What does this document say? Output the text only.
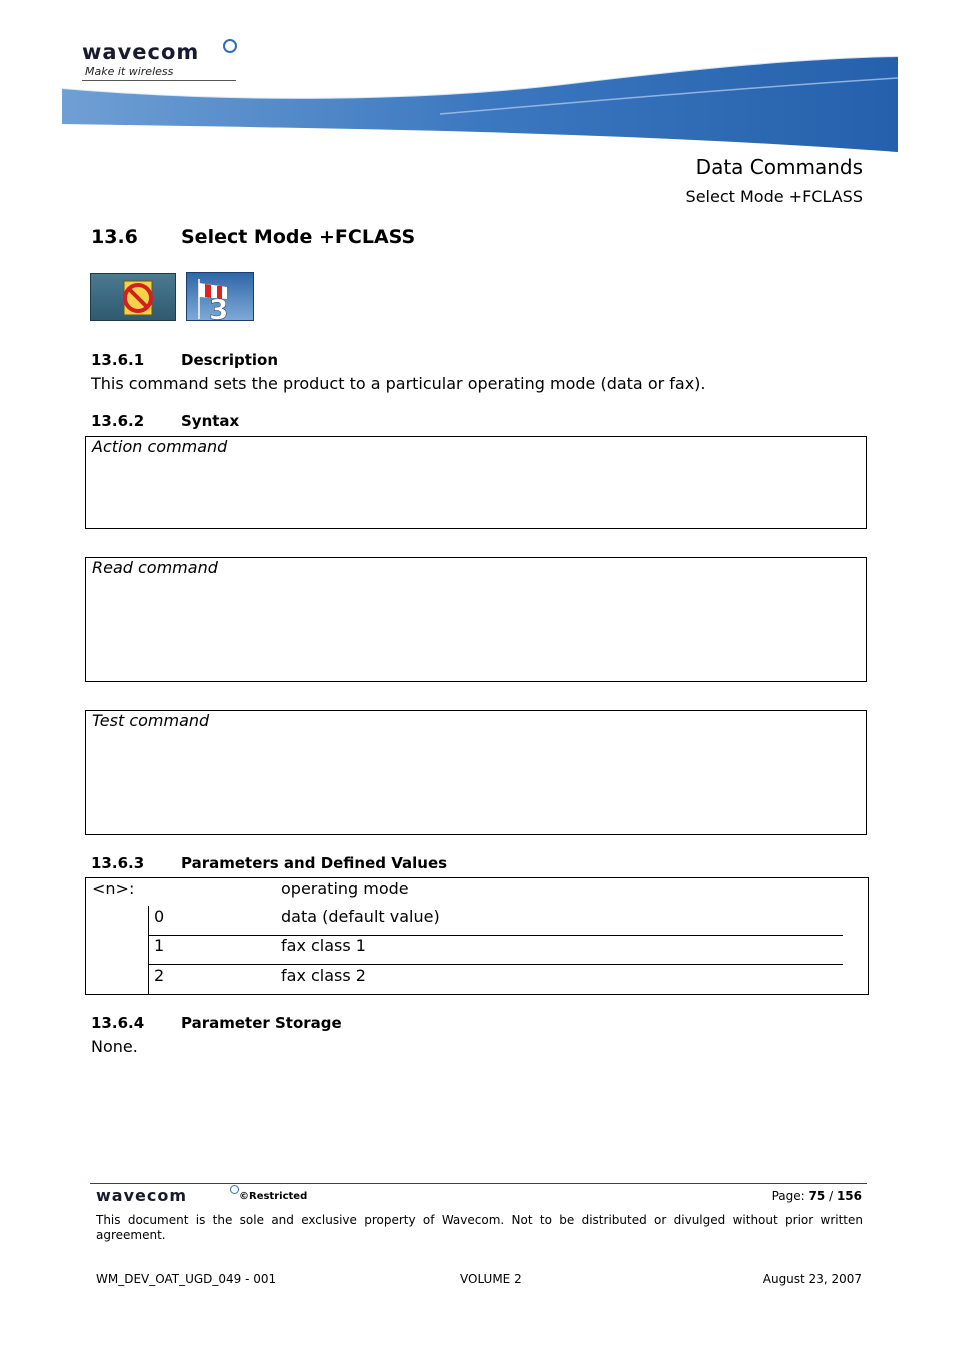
wavecom
Make it wireless
Data Commands
Select Mode +FCLASS
13.6 Select Mode +FCLASS
3
13.6.1 Description
This command sets the product to a particular operating mode (data or fax).
13.6.2 Syntax
Action command
Read command
Test command
13.6.3 Parameters and Defined Values
<n>:	operating mode
0	data (default value)
1	fax class 1
2	fax class 2
13.6.4 Parameter Storage
None.
wavecom	©Restricted	Page: 75 / 156
This document is the sole and exclusive property of Wavecom. Not to be distributed or divulged without prior written agreement.
WM_DEV_OAT_UGD_049 - 001	VOLUME 2	August 23, 2007
